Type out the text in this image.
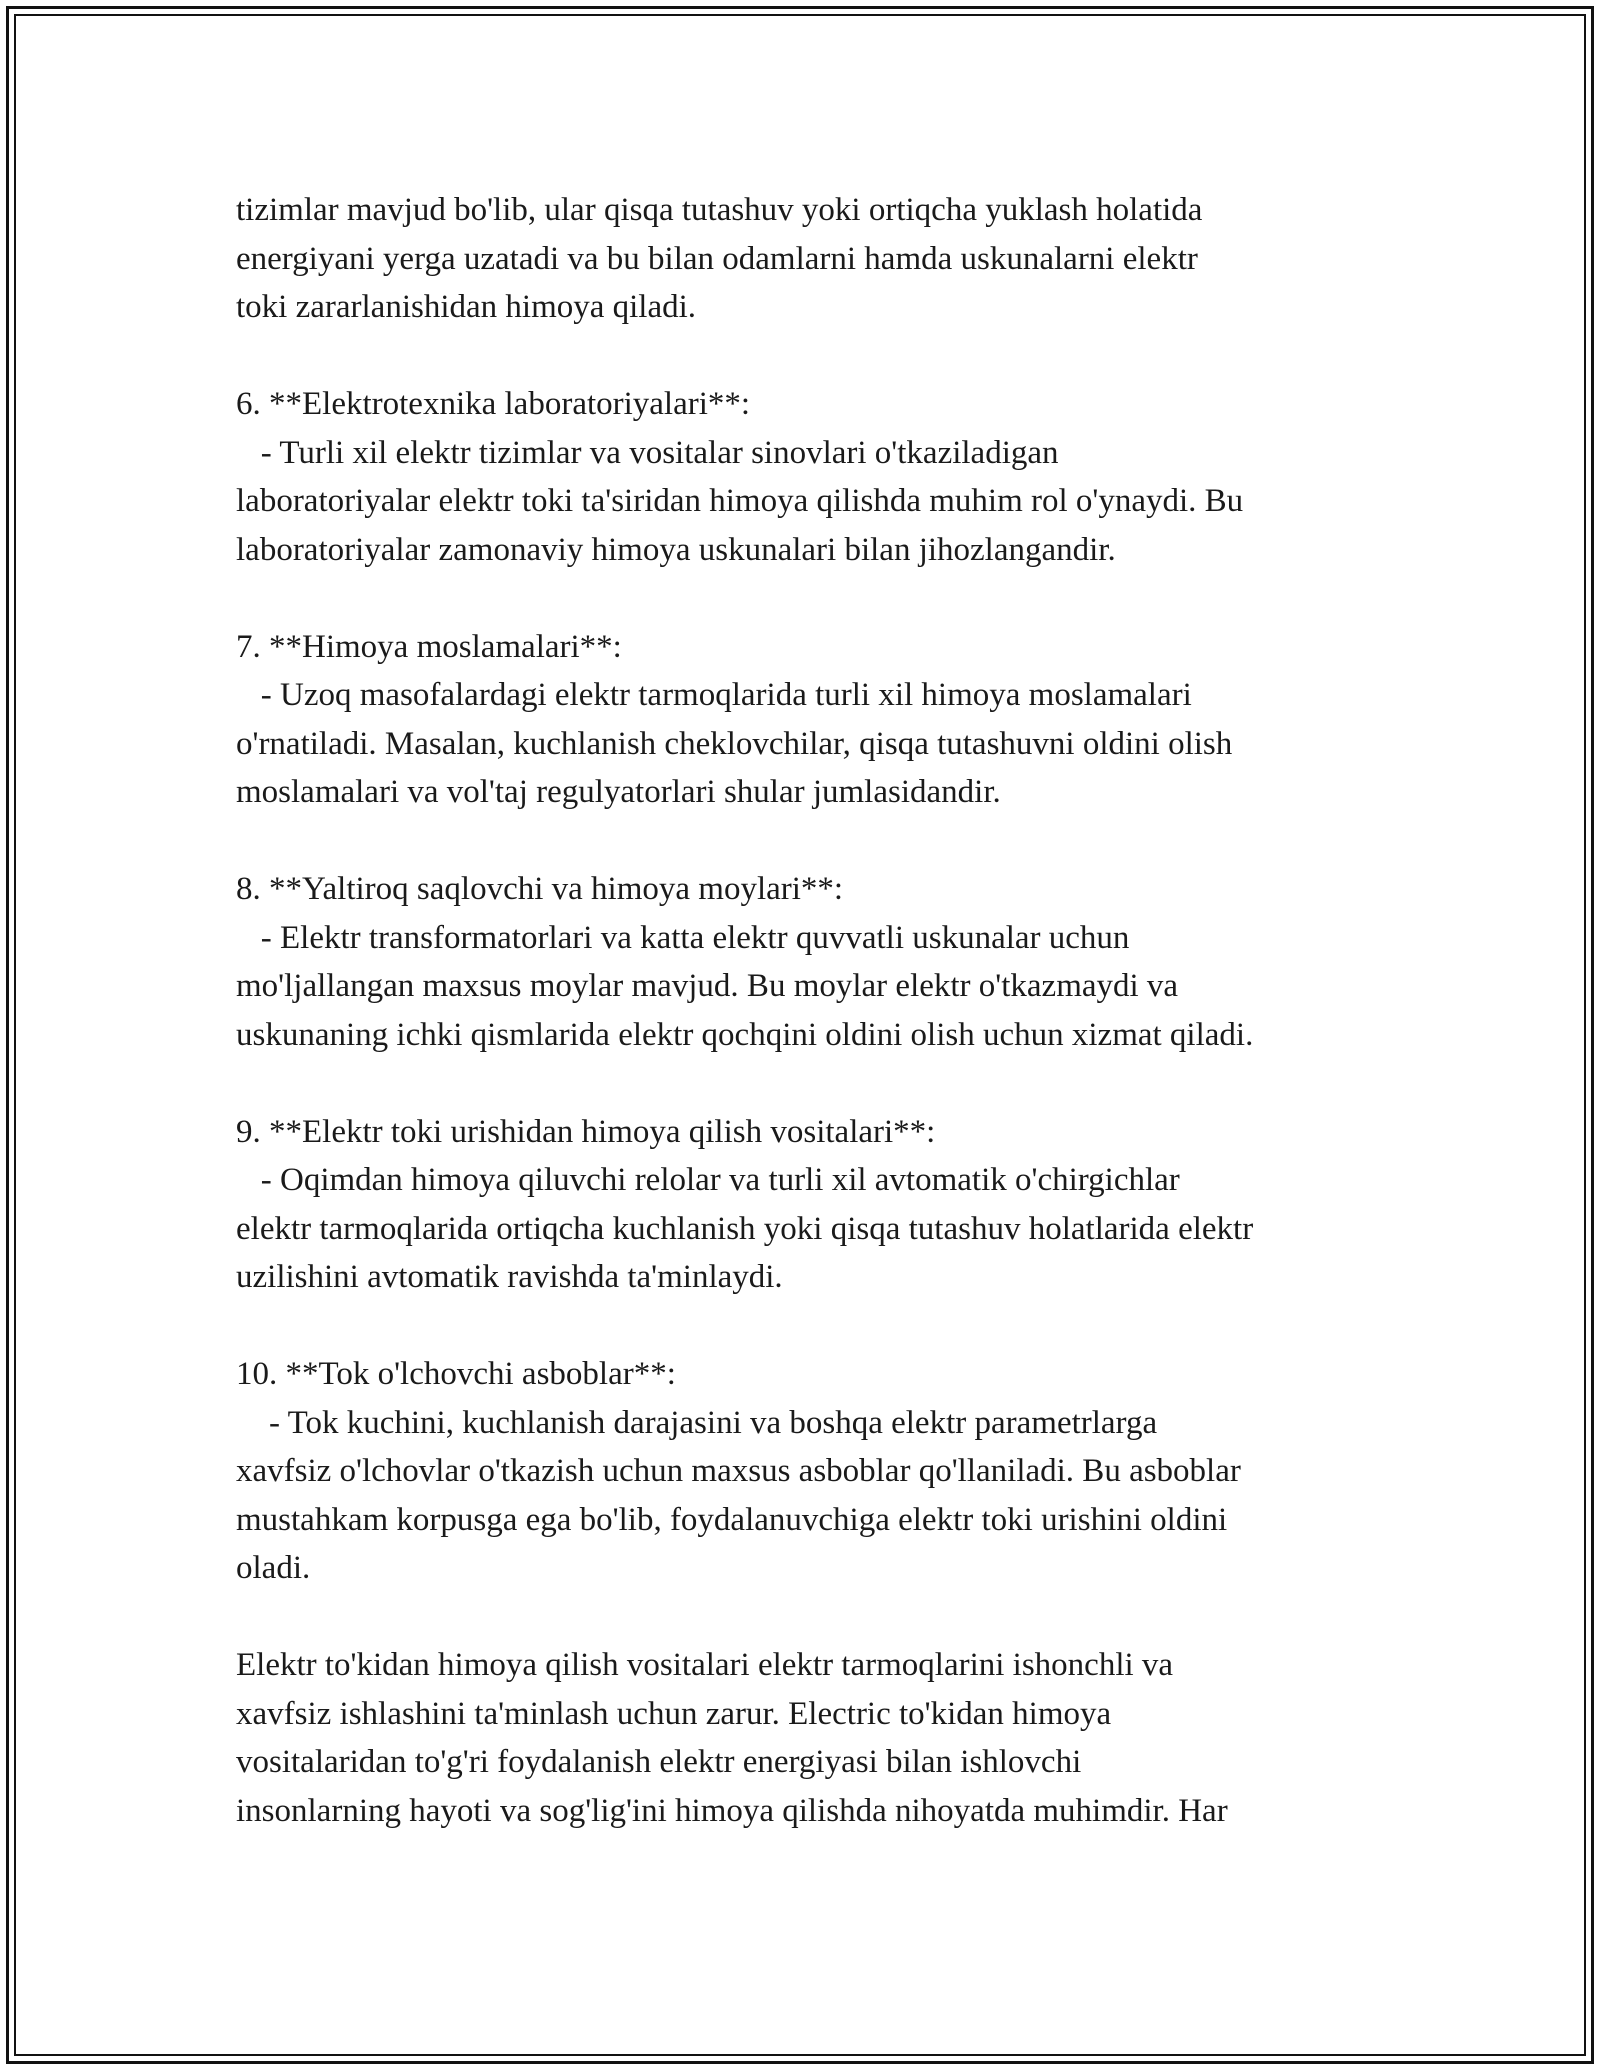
tizimlar mavjud bo'lib, ular qisqa tutashuv yoki ortiqcha yuklash holatida
energiyani yerga uzatadi va bu bilan odamlarni hamda uskunalarni elektr
toki zararlanishidan himoya qiladi.
6. **Elektrotexnika laboratoriyalari**:
- Turli xil elektr tizimlar va vositalar sinovlari o'tkaziladigan
laboratoriyalar elektr toki ta'siridan himoya qilishda muhim rol o'ynaydi. Bu
laboratoriyalar zamonaviy himoya uskunalari bilan jihozlangandir.
7. **Himoya moslamalari**:
- Uzoq masofalardagi elektr tarmoqlarida turli xil himoya moslamalari
o'rnatiladi. Masalan, kuchlanish cheklovchilar, qisqa tutashuvni oldini olish
moslamalari va vol'taj regulyatorlari shular jumlasidandir.
8. **Yaltiroq saqlovchi va himoya moylari**:
- Elektr transformatorlari va katta elektr quvvatli uskunalar uchun
mo'ljallangan maxsus moylar mavjud. Bu moylar elektr o'tkazmaydi va
uskunaning ichki qismlarida elektr qochqini oldini olish uchun xizmat qiladi.
9. **Elektr toki urishidan himoya qilish vositalari**:
- Oqimdan himoya qiluvchi relolar va turli xil avtomatik o'chirgichlar
elektr tarmoqlarida ortiqcha kuchlanish yoki qisqa tutashuv holatlarida elektr
uzilishini avtomatik ravishda ta'minlaydi.
10. **Tok o'lchovchi asboblar**:
- Tok kuchini, kuchlanish darajasini va boshqa elektr parametrlarga
xavfsiz o'lchovlar o'tkazish uchun maxsus asboblar qo'llaniladi. Bu asboblar
mustahkam korpusga ega bo'lib, foydalanuvchiga elektr toki urishini oldini
oladi.
Elektr to'kidan himoya qilish vositalari elektr tarmoqlarini ishonchli va
xavfsiz ishlashini ta'minlash uchun zarur. Electric to'kidan himoya
vositalaridan to'g'ri foydalanish elektr energiyasi bilan ishlovchi
insonlarning hayoti va sog'lig'ini himoya qilishda nihoyatda muhimdir. Har
